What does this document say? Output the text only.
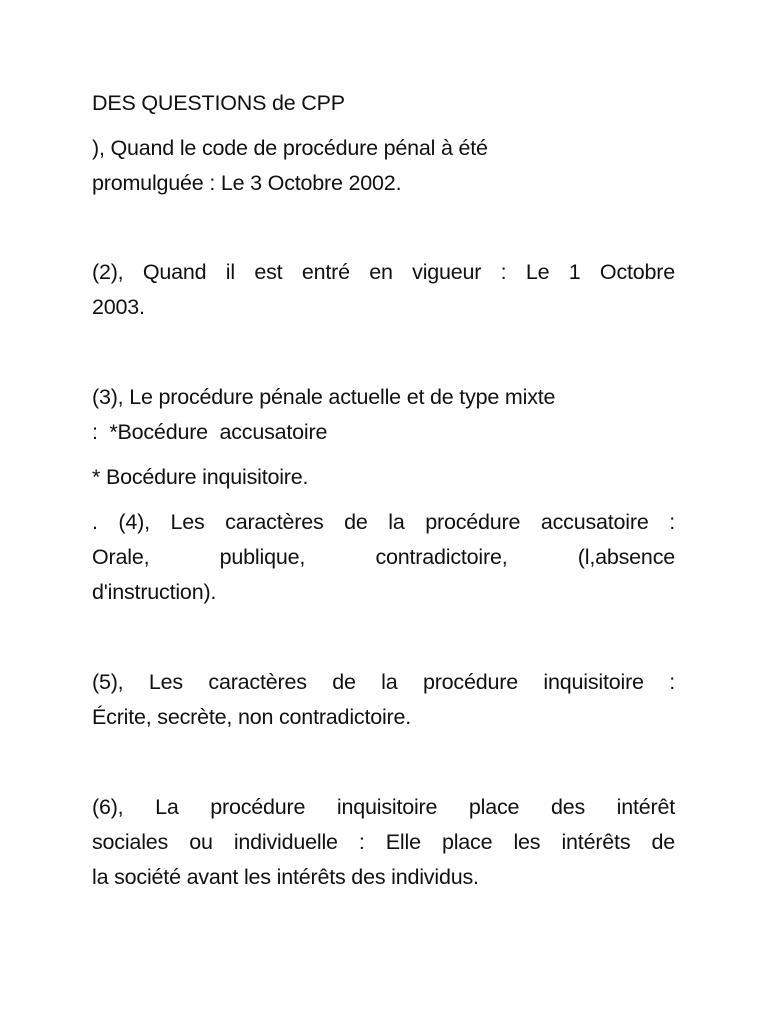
DES QUESTIONS de CPP

), Quand le code de procédure pénal à été
promulguée : Le 3 Octobre 2002.

(2), Quand il est entré en vigueur : Le 1 Octobre
2003.

(3), Le procédure pénale actuelle et de type mixte
:  *Bocédure  accusatoire

* Bocédure inquisitoire.

. (4), Les caractères de la procédure accusatoire :
Orale, publique, contradictoire, (l,absence
d'instruction).

(5), Les caractères de la procédure inquisitoire :
Écrite, secrète, non contradictoire.

(6), La procédure inquisitoire place des intérêt
sociales ou individuelle : Elle place les intérêts de
la société avant les intérêts des individus.
